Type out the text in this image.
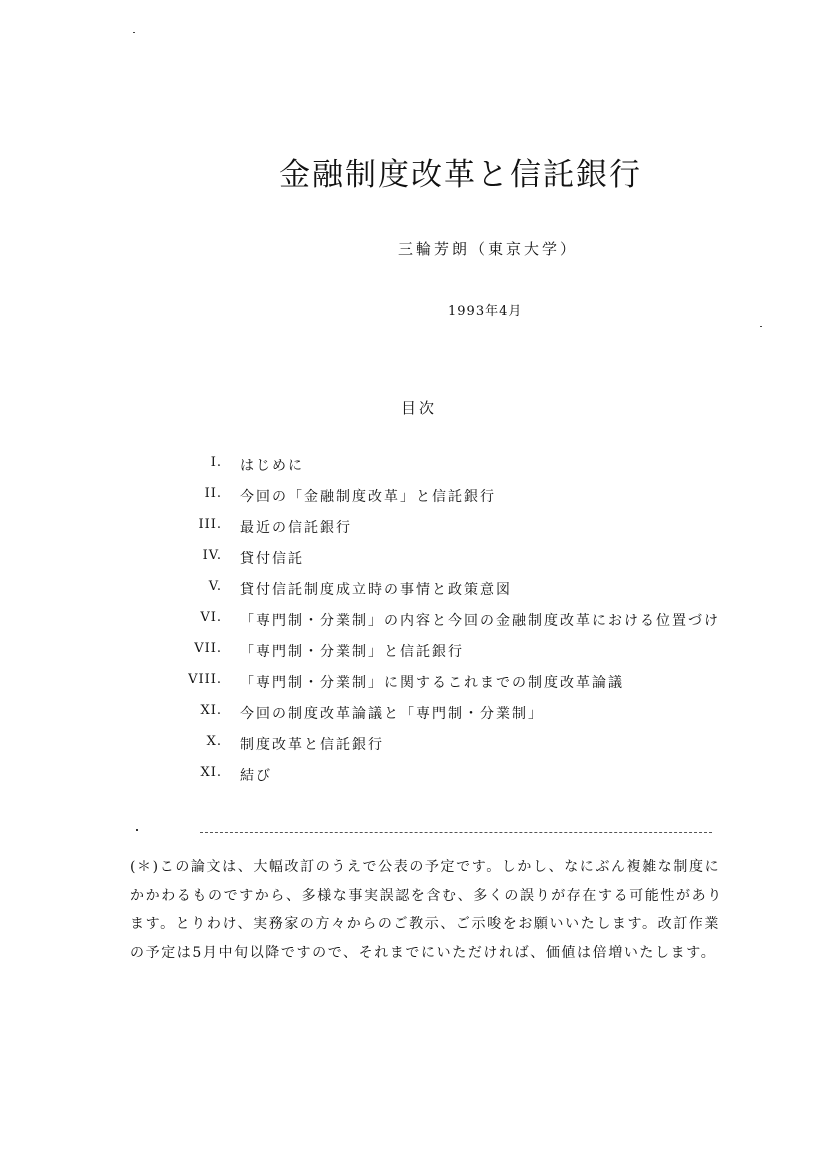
金融制度改革と信託銀行
三輪芳朗（東京大学）
1993年4月
目次
I. はじめに
II. 今回の「金融制度改革」と信託銀行
III. 最近の信託銀行
IV. 貸付信託
V. 貸付信託制度成立時の事情と政策意図
VI. 「専門制・分業制」の内容と今回の金融制度改革における位置づけ
VII. 「専門制・分業制」と信託銀行
VIII. 「専門制・分業制」に関するこれまでの制度改革論議
XI. 今回の制度改革論議と「専門制・分業制」
X. 制度改革と信託銀行
XI. 結び

(＊)この論文は、大幅改訂のうえで公表の予定です。しかし、なにぶん複雑な制度にかかわるものですから、多様な事実誤認を含む、多くの誤りが存在する可能性があります。とりわけ、実務家の方々からのご教示、ご示唆をお願いいたします。改訂作業の予定は5月中旬以降ですので、それまでにいただければ、価値は倍増いたします。
